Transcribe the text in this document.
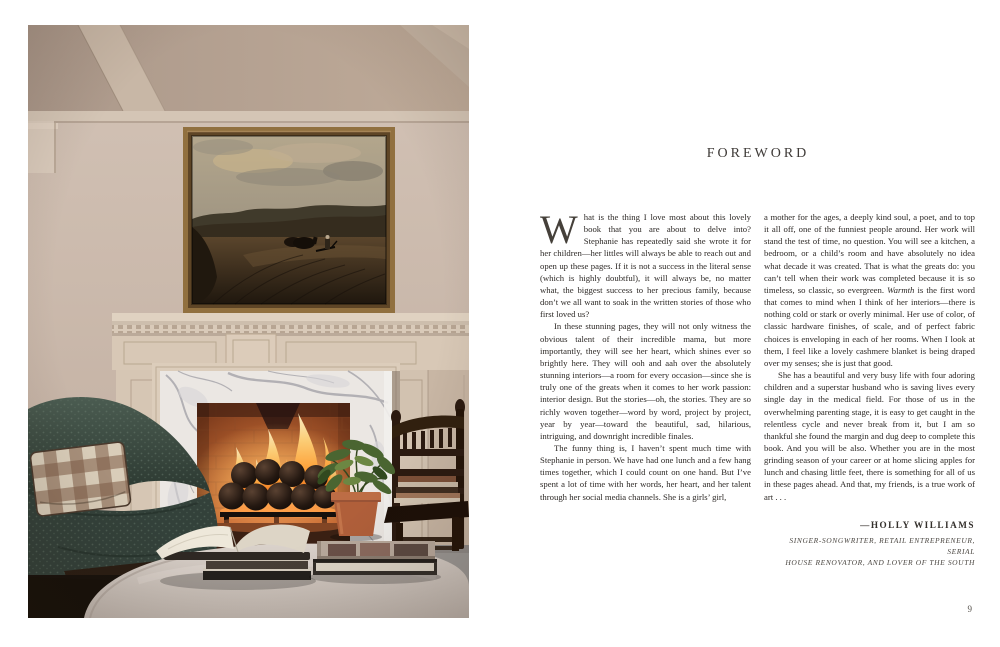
FOREWORD

What is the thing I love most about this lovely book that you are about to delve into? Stephanie has repeatedly said she wrote it for her children—her littles will always be able to reach out and open up these pages. If it is not a success in the literal sense (which is highly doubtful), it will always be, no matter what, the biggest success to her precious family, because don’t we all want to soak in the written stories of those who first loved us?

In these stunning pages, they will not only witness the obvious talent of their incredible mama, but more importantly, they will see her heart, which shines ever so brightly here. They will ooh and aah over the absolutely stunning interiors—a room for every occasion—since she is truly one of the greats when it comes to her work passion: interior design. But the stories—oh, the stories. They are so richly woven together—word by word, project by project, year by year—toward the beautiful, sad, hilarious, intriguing, and downright incredible finales.

The funny thing is, I haven’t spent much time with Stephanie in person. We have had one lunch and a few hang times together, which I could count on one hand. But I’ve spent a lot of time with her words, her heart, and her talent through her social media channels. She is a girls’ girl,

a mother for the ages, a deeply kind soul, a poet, and to top it all off, one of the funniest people around. Her work will stand the test of time, no question. You will see a kitchen, a bedroom, or a child’s room and have absolutely no idea what decade it was created. That is what the greats do: you can’t tell when their work was completed because it is so timeless, so classic, so evergreen. Warmth is the first word that comes to mind when I think of her interiors—there is nothing cold or stark or overly minimal. Her use of color, of classic hardware finishes, of scale, and of perfect fabric choices is enveloping in each of her rooms. When I look at them, I feel like a lovely cashmere blanket is being draped over my senses; she is just that good.

She has a beautiful and very busy life with four adoring children and a superstar husband who is saving lives every single day in the medical field. For those of us in the overwhelming parenting stage, it is easy to get caught in the relentless cycle and never break from it, but I am so thankful she found the margin and dug deep to complete this book. And you will be also. Whether you are in the most grinding season of your career or at home slicing apples for lunch and chasing little feet, there is something for all of us in these pages ahead. And that, my friends, is a true work of art . . .

—HOLLY WILLIAMS
SINGER-SONGWRITER, RETAIL ENTREPRENEUR, SERIAL
HOUSE RENOVATOR, AND LOVER OF THE SOUTH
9
